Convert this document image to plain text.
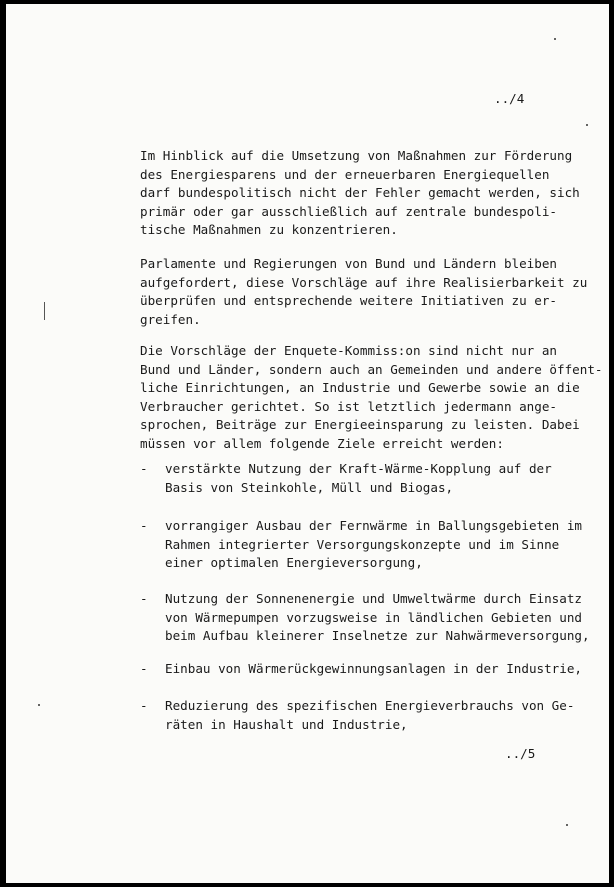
../4
Im Hinblick auf die Umsetzung von Maßnahmen zur Förderung
des Energiesparens und der erneuerbaren Energiequellen
darf bundespolitisch nicht der Fehler gemacht werden, sich
primär oder gar ausschließlich auf zentrale bundespoli-
tische Maßnahmen zu konzentrieren.
Parlamente und Regierungen von Bund und Ländern bleiben
aufgefordert, diese Vorschläge auf ihre Realisierbarkeit zu
überprüfen und entsprechende weitere Initiativen zu er-
greifen.
Die Vorschläge der Enquete-Kommiss:on sind nicht nur an
Bund und Länder, sondern auch an Gemeinden und andere öffent-
liche Einrichtungen, an Industrie und Gewerbe sowie an die
Verbraucher gerichtet. So ist letztlich jedermann ange-
sprochen, Beiträge zur Energieeinsparung zu leisten. Dabei
müssen vor allem folgende Ziele erreicht werden:

-

verstärkte Nutzung der Kraft-Wärme-Kopplung auf der
Basis von Steinkohle, Müll und Biogas,

-

vorrangiger Ausbau der Fernwärme in Ballungsgebieten im
Rahmen integrierter Versorgungskonzepte und im Sinne
einer optimalen Energieversorgung,

-

Nutzung der Sonnenenergie und Umweltwärme durch Einsatz
von Wärmepumpen vorzugsweise in ländlichen Gebieten und
beim Aufbau kleinerer Inselnetze zur Nahwärmeversorgung,

-

Einbau von Wärmerückgewinnungsanlagen in der Industrie,

-

Reduzierung des spezifischen Energieverbrauchs von Ge-
räten in Haushalt und Industrie,

../5
